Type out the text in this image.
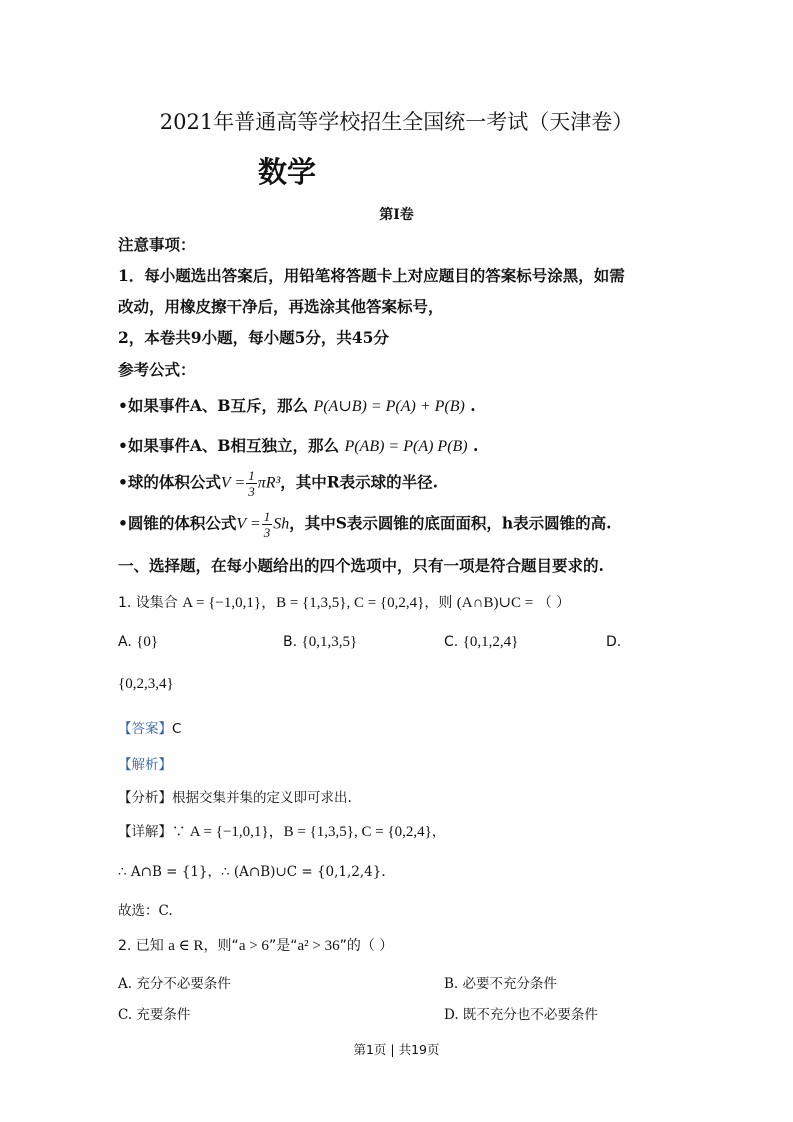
2021年普通高等学校招生全国统一考试（天津卷）
数学
第I卷
注意事项：
1．每小题选出答案后，用铅笔将答题卡上对应题目的答案标号涂黑，如需
改动，用橡皮擦干净后，再选涂其他答案标号，
2，本卷共9小题，每小题5分，共45分
参考公式：
•如果事件A、B互斥，那么 P(A∪B) = P(A) + P(B) .
•如果事件A、B相互独立，那么 P(AB) = P(A) P(B) .
•球的体积公式$V = \frac{1}{3} \pi R^3$，其中R表示球的半径.
•圆锥的体积公式$V = \frac{1}{3}$ Sh，其中S表示圆锥的底面面积，h表示圆锥的高.
一、选择题，在每小题给出的四个选项中，只有一项是符合题目要求的.
1. 设集合 A = {−1,0,1}，B = {1,3,5}, C = {0,2,4}，则 (A∩B)∪C = （ ）
A. {0}	B. {0,1,3,5}	C. {0,1,2,4}	D.
{0,2,3,4}
【答案】C
【解析】
【分析】根据交集并集的定义即可求出.
【详解】∵ A = {−1,0,1}，B = {1,3,5}, C = {0,2,4}，
∴ A∩B = {1}，∴ (A∩B)∪C = {0,1,2,4}.
故选：C.
2. 已知 a ∈ R，则“a > 6”是“a² > 36”的（ ）
A. 充分不必要条件	B. 必要不充分条件
C. 充要条件	D. 既不充分也不必要条件
第1页 | 共19页
